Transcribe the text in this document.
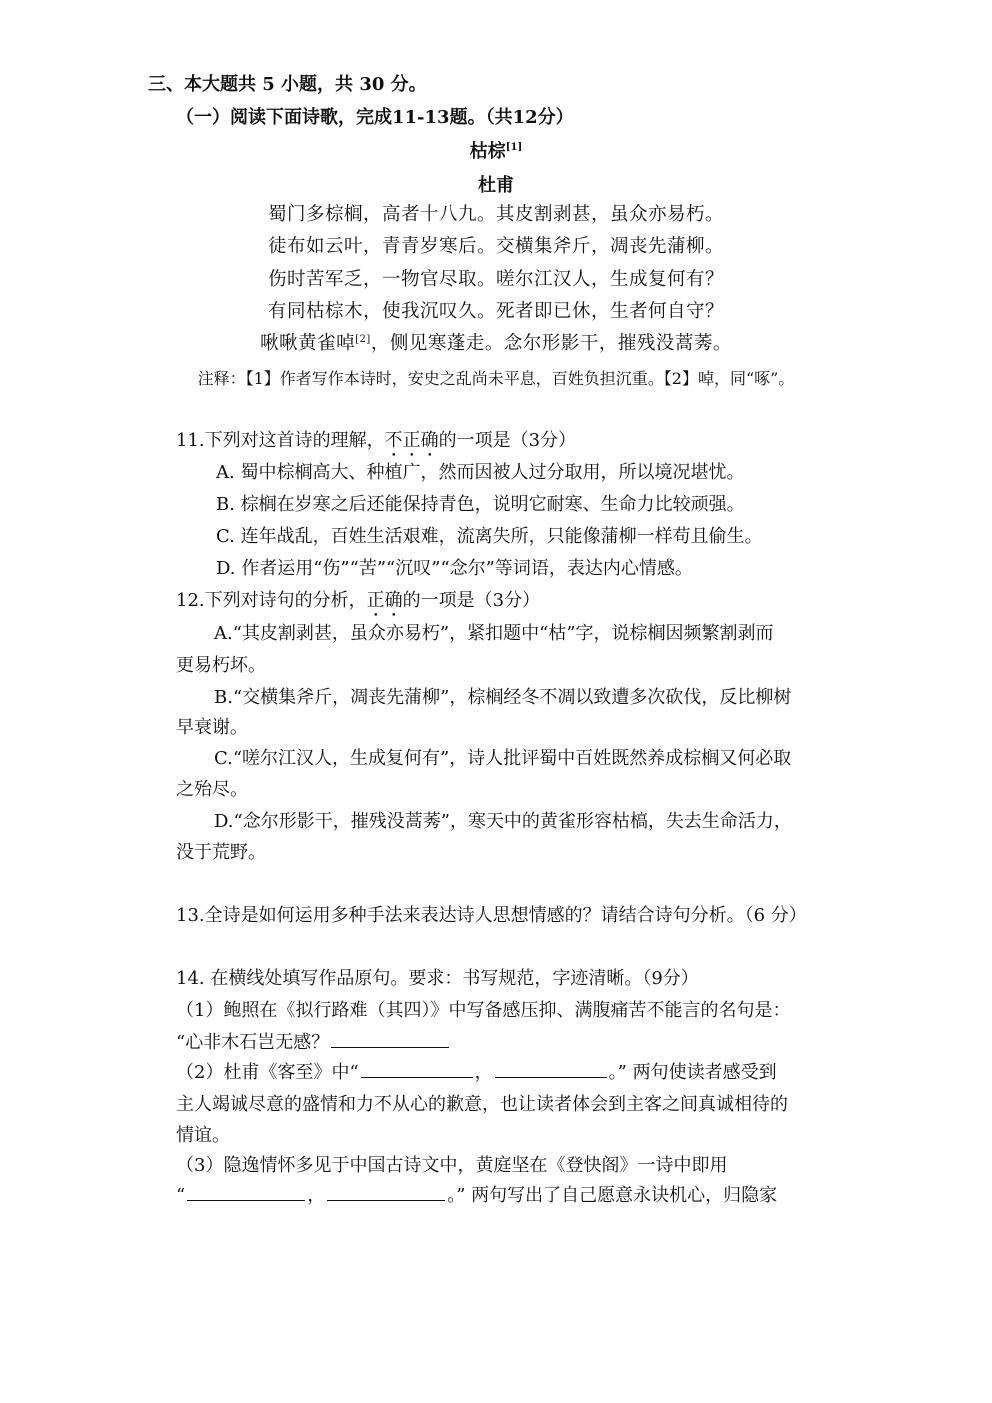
三、本大题共 5 小题，共 30 分。
（一）阅读下面诗歌，完成11-13题。（共12分）
枯棕[1]
杜甫
蜀门多棕榈，高者十八九。其皮割剥甚，虽众亦易朽。
徒布如云叶，青青岁寒后。交横集斧斤，凋丧先蒲柳。
伤时苦军乏，一物官尽取。嗟尔江汉人，生成复何有？
有同枯棕木，使我沉叹久。死者即已休，生者何自守？
啾啾黄雀啅[2]，侧见寒蓬走。念尔形影干，摧残没蒿莠。
注释：【1】作者写作本诗时，安史之乱尚未平息，百姓负担沉重。【2】啅，同“啄”。
11.下列对这首诗的理解，不正确的一项是（3分）
A. 蜀中棕榈高大、种植广，然而因被人过分取用，所以境况堪忧。
B. 棕榈在岁寒之后还能保持青色，说明它耐寒、生命力比较顽强。
C. 连年战乱，百姓生活艰难，流离失所，只能像蒲柳一样苟且偷生。
D. 作者运用“伤”“苦”“沉叹”“念尔”等词语，表达内心情感。
12.下列对诗句的分析，正确的一项是（3分）
A.“其皮割剥甚，虽众亦易朽”，紧扣题中“枯”字，说棕榈因频繁割剥而
更易朽坏。
B.“交横集斧斤，凋丧先蒲柳”，棕榈经冬不凋以致遭多次砍伐，反比柳树
早衰谢。
C.“嗟尔江汉人，生成复何有”，诗人批评蜀中百姓既然养成棕榈又何必取
之殆尽。
D.“念尔形影干，摧残没蒿莠”，寒天中的黄雀形容枯槁，失去生命活力，
没于荒野。
13.全诗是如何运用多种手法来表达诗人思想情感的？请结合诗句分析。（6 分）
14. 在横线处填写作品原句。要求：书写规范，字迹清晰。（9分）
（1）鲍照在《拟行路难（其四）》中写备感压抑、满腹痛苦不能言的名句是：
“心非木石岂无感？
（2）杜甫《客至》中“	，	。” 两句使读者感受到
主人竭诚尽意的盛情和力不从心的歉意，也让读者体会到主客之间真诚相待的
情谊。
（3）隐逸情怀多见于中国古诗文中，黄庭坚在《登快阁》一诗中即用
“	，	。” 两句写出了自己愿意永诀机心，归隐家
